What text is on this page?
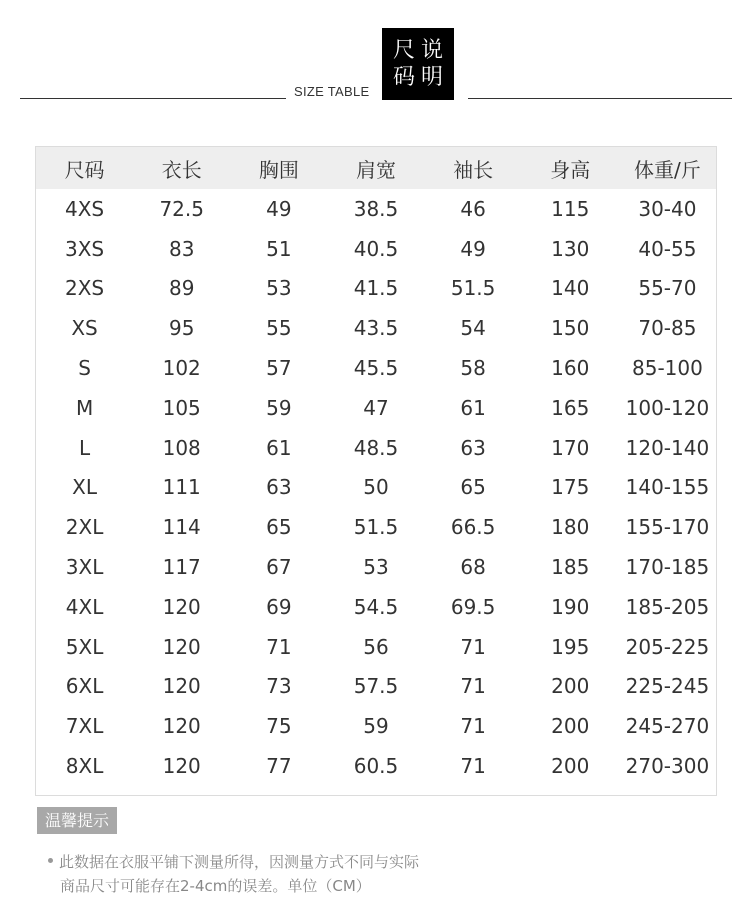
SIZE TABLE
尺 说
码 明
尺码	衣长	胸围	肩宽	袖长	身高	体重/斤
4XS	72.5	49	38.5	46	115	30-40
3XS	83	51	40.5	49	130	40-55
2XS	89	53	41.5	51.5	140	55-70
XS	95	55	43.5	54	150	70-85
S	102	57	45.5	58	160	85-100
M	105	59	47	61	165	100-120
L	108	61	48.5	63	170	120-140
XL	111	63	50	65	175	140-155
2XL	114	65	51.5	66.5	180	155-170
3XL	117	67	53	68	185	170-185
4XL	120	69	54.5	69.5	190	185-205
5XL	120	71	56	71	195	205-225
6XL	120	73	57.5	71	200	225-245
7XL	120	75	59	71	200	245-270
8XL	120	77	60.5	71	200	270-300
温馨提示
此数据在衣服平铺下测量所得，因测量方式不同与实际
商品尺寸可能存在2-4cm的误差。单位（CM）
